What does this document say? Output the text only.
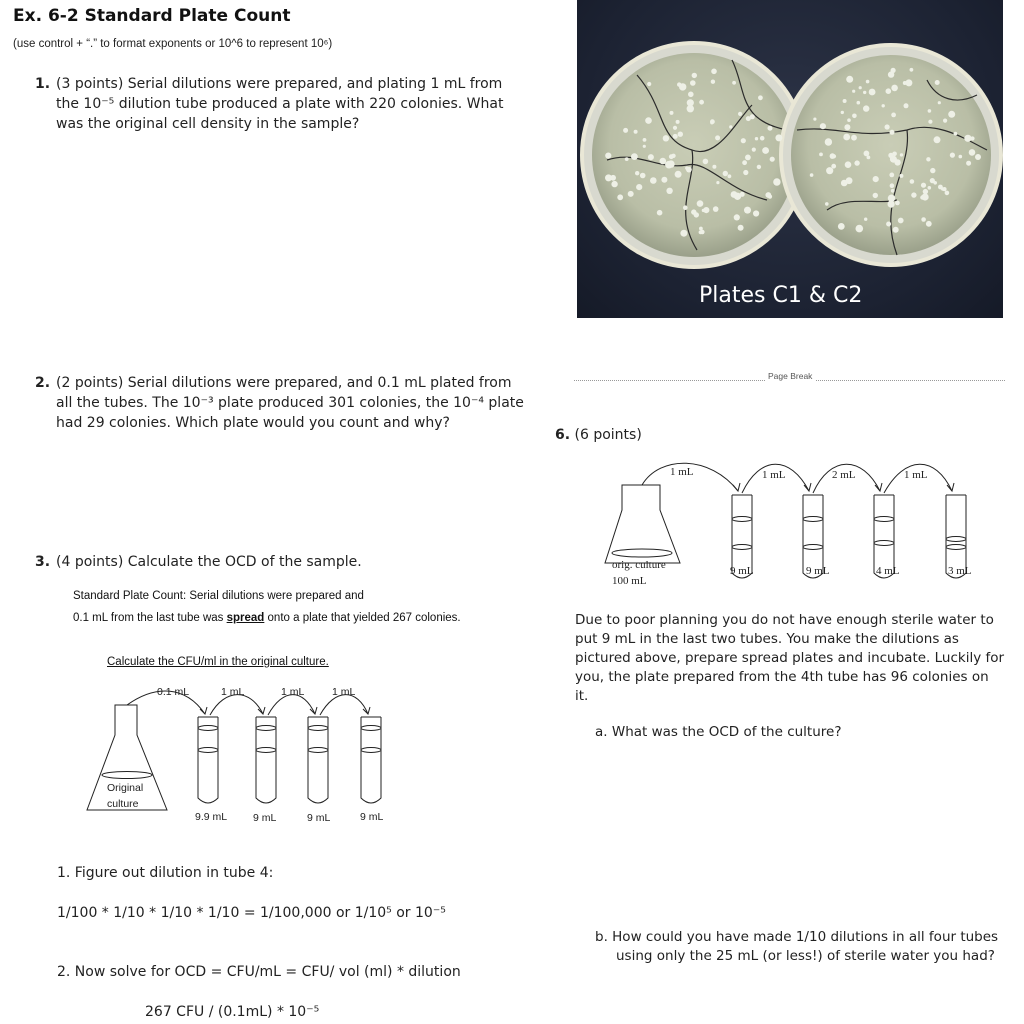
Ex. 6-2 Standard Plate Count
(use control + “.” to format exponents or 10^6 to represent 10⁶)
1. (3 points) Serial dilutions were prepared, and plating 1 mL from the 10⁻⁵ dilution tube produced a plate with 220 colonies. What was the original cell density in the sample?
Plates C1 & C2
2. (2 points) Serial dilutions were prepared, and 0.1 mL plated from all the tubes. The 10⁻³ plate produced 301 colonies, the 10⁻⁴ plate had 29 colonies. Which plate would you count and why?
Page Break
6. (6 points)
1 mL	1 mL	2 mL	1 mL
orig. culture
100 mL
9 mL	9 mL	4 mL	3 mL
Due to poor planning you do not have enough sterile water to put 9 mL in the last two tubes. You make the dilutions as pictured above, prepare spread plates and incubate. Luckily for you, the plate prepared from the 4th tube has 96 colonies on it.
a. What was the OCD of the culture?
b. How could you have made 1/10 dilutions in all four tubes using only the 25 mL (or less!) of sterile water you had?
3. (4 points) Calculate the OCD of the sample.
Standard Plate Count: Serial dilutions were prepared and
0.1 mL from the last tube was spread onto a plate that yielded 267 colonies.
Calculate the CFU/ml in the original culture.
0.1 mL	1 mL	1 mL	1 mL
Original
culture
9.9 mL 9 mL	9 mL	9 mL
1. Figure out dilution in tube 4:
1/100 * 1/10 * 1/10 * 1/10 = 1/100,000 or 1/10⁵ or 10⁻⁵
2. Now solve for OCD = CFU/mL = CFU/ vol (ml) * dilution
267 CFU / (0.1mL) * 10⁻⁵
